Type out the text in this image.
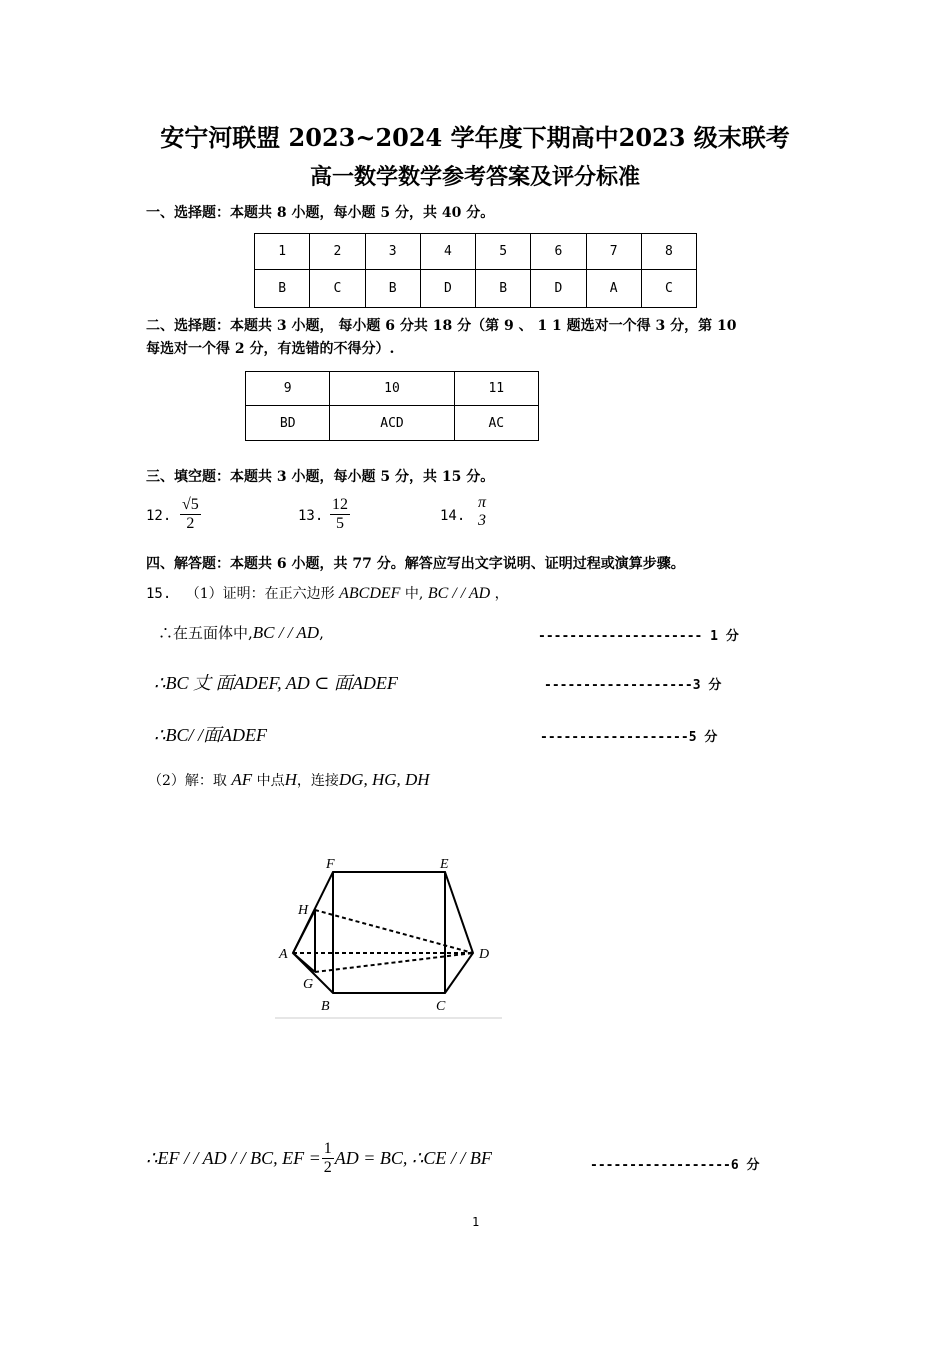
安宁河联盟 2023~2024 学年度下期高中2023 级末联考
高一数学数学参考答案及评分标准
一、选择题：本题共 8 小题，每小题 5 分，共 40 分。
1	2	3	4	5	6	7	8
B	C	B	D	B	D	A	C
二、选择题：本题共 3 小题， 每小题 6 分共 18 分（第 9 、 1 1 题选对一个得 3 分，第 10
每选对一个得 2 分，有选错的不得分）.
9	10	11
BD	ACD	AC
三、填空题：本题共 3 小题，每小题 5 分，共 15 分。
12. $\frac{√5}{2}$	13. $\frac{12}{5}$	14.
π
3
四、解答题：本题共 6 小题，共 77 分。解答应写出文字说明、证明过程或演算步骤。
15. （1）证明：在正六边形 ABCDEF 中, BC / / AD ，
∴在五面体中,BC / / AD,	--------------------- 1 分
∴BC 丈 面ADEF, AD ⊂ 面ADEF	-------------------3 分
∴BC/ /面ADEF	-------------------5 分
（2）解：取 AF 中点H，连接DG, HG, DH
F	E
H
A	D
G
B	C
∴EF / / AD / / BC, EF = $\frac{1}{2}$ AD = BC, ∴CE / / BF	------------------6 分
1
